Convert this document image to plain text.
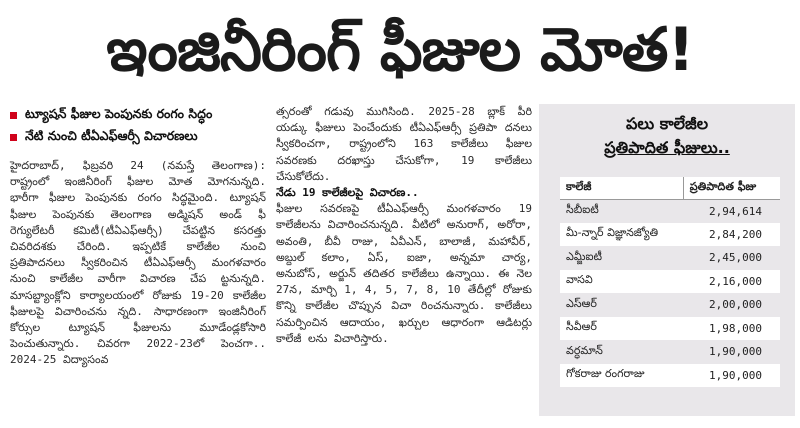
ఇంజినీరింగ్ ఫీజుల మోత!
ట్యూషన్ ఫీజుల పెంపునకు రంగం సిద్ధం
నేటి నుంచి టీఏఎఫ్ఆర్సీ విచారణలు

హైదరాబాద్, ఫిబ్రవరి 24 (నమస్తే తెలంగాణ): రాష్ట్రంలో ఇంజినీరింగ్ ఫీజుల మోత మోగనున్నది. భారీగా ఫీజుల పెంపునకు రంగం సిద్ధమైంది. ట్యూషన్ ఫీజుల పెంపునకు తెలంగాణ అడ్మిషన్ అండ్ ఫీ రెగ్యులేటరీ కమిటీ(టీఏఎఫ్ఆర్సీ) చేపట్టిన కసరత్తు చివరిదశకు చేరింది. ఇప్పటికే కాలేజీల నుంచి ప్రతిపాదనలు స్వీకరించిన టీఏఎఫ్ఆర్సీ మంగళవారం నుంచి కాలేజీల వారీగా విచారణ చేప ట్టనున్నది. మాసబ్ట్యాంక్లోని కార్యాలయంలో రోజుకు 19-20 కాలేజీల ఫీజులపై విచారించను న్నది. సాధారణంగా ఇంజినీరింగ్ కోర్సుల ట్యూషన్ ఫీజులను మూడేండ్లకోసారి పెంచుతున్నారు. చివరగా 2022-23లో పెంచగా.. 2024-25 విద్యాసంవ

త్సరంతో గడువు ముగిసింది. 2025-28 బ్లాక్ పీరి యడ్కు ఫీజులు పెంచేందుకు టీఏఎఫ్ఆర్సీ ప్రతిపా దనలు స్వీకరించగా, రాష్ట్రంలోని 163 కాలేజీలు ఫీజుల సవరణకు దరఖాస్తు చేసుకోగా, 19 కాలేజీలు చేసుకోలేదు.

నేడు 19 కాలేజీలపై విచారణ..

ఫీజుల సవరణపై టీఏఎఫ్ఆర్సీ మంగళవారం 19 కాలేజీలను విచారించనున్నది. వీటిలో అనురాగ్, అరోరా, అవంతి, బీవీ రాజు, ఏవీఎన్, బాలాజీ, మహావీర్, అబ్దుల్ కలాం, ఏస్, ఐజా, అన్నమా చార్య, అనుబోస్, అర్జున్ తదితర కాలేజీలు ఉన్నాయి. ఈ నెల 27న, మార్చి 1, 4, 5, 7, 8, 10 తేదీల్లో రోజుకు కొన్ని కాలేజీల చొప్పున విచా రించనున్నారు. కాలేజీలు సమర్పించిన ఆదాయం, ఖర్చుల ఆధారంగా ఆడిటర్లు కాలేజీ లను విచారిస్తారు.

పలు కాలేజీల
ప్రతిపాదిత ఫీజులు..
కాలేజీ	ప్రతిపాదిత ఫీజు
సీబీఐటీ	2,94,614
మీ-న్నార్ విజ్ఞానజ్యోతి	2,84,200
ఎమ్జీఐటీ	2,45,000
వాసవి	2,16,000
ఎస్ఆర్	2,00,000
సీవీఆర్	1,98,000
వర్ధమాన్	1,90,000
గోకరాజు రంగరాజు	1,90,000
